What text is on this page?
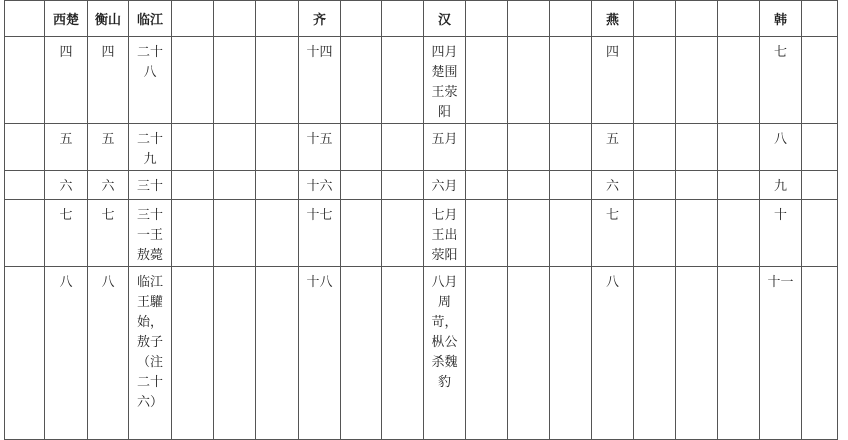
	西楚	衡山	临江				齐			汉				燕				韩	
	四	四	二十八				十四			四月楚围王荥阳				四				七	
	五	五	二十九				十五			五月				五				八	
	六	六	三十				十六			六月				六				九	
	七	七	三十一王敖薨				十七			七月王出荥阳				七				十	
	八	八	临江王驩始，敖子（注二十六）				十八			八月周苛，枞公杀魏豹				八				十一	
